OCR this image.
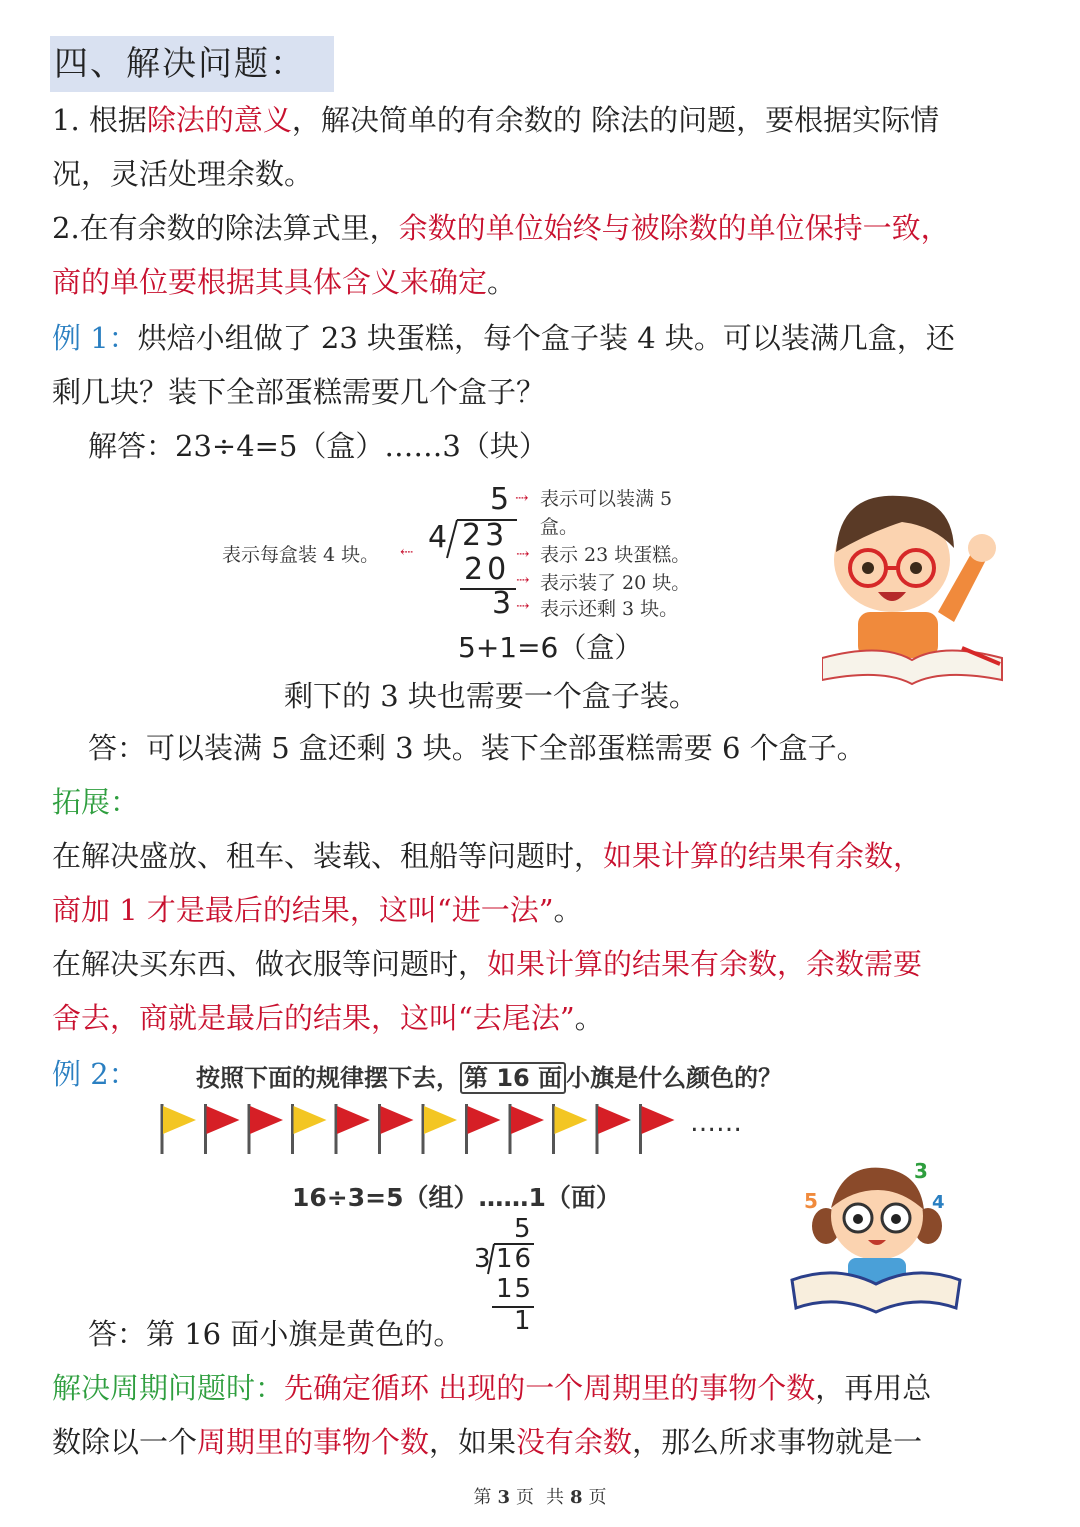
四、解决问题：
1. 根据除法的意义，解决简单的有余数的 除法的问题，要根据实际情
况，灵活处理余数。
2.在有余数的除法算式里，余数的单位始终与被除数的单位保持一致，
商的单位要根据其具体含义来确定。
例 1：烘焙小组做了 23 块蛋糕，每个盒子装 4 块。可以装满几盒，还
剩几块？装下全部蛋糕需要几个盒子？
解答：23÷4=5（盒）……3（块）
5 ⇢ 表示可以装满 5
盒。
表示每盒装 4 块。 ⇠ 4 23
⇢ 表示 23 块蛋糕。
20 ⇢ 表示装了 20 块。
3 ⇢ 表示还剩 3 块。
5+1=6（盒）
剩下的 3 块也需要一个盒子装。
答：可以装满 5 盒还剩 3 块。装下全部蛋糕需要 6 个盒子。
拓展：
在解决盛放、租车、装载、租船等问题时，如果计算的结果有余数，
商加 1 才是最后的结果，这叫“进一法”。
在解决买东西、做衣服等问题时，如果计算的结果有余数，余数需要
舍去，商就是最后的结果，这叫“去尾法”。
例 2： 按照下面的规律摆下去， 第 16 面 小旗是什么颜色的？
……
16÷3=5（组）……1（面）
5
3 16
15
1
3
4
5
答：第 16 面小旗是黄色的。
解决周期问题时：先确定循环 出现的一个周期里的事物个数，再用总
数除以一个周期里的事物个数，如果没有余数，那么所求事物就是一
第 3 页 共 8 页
